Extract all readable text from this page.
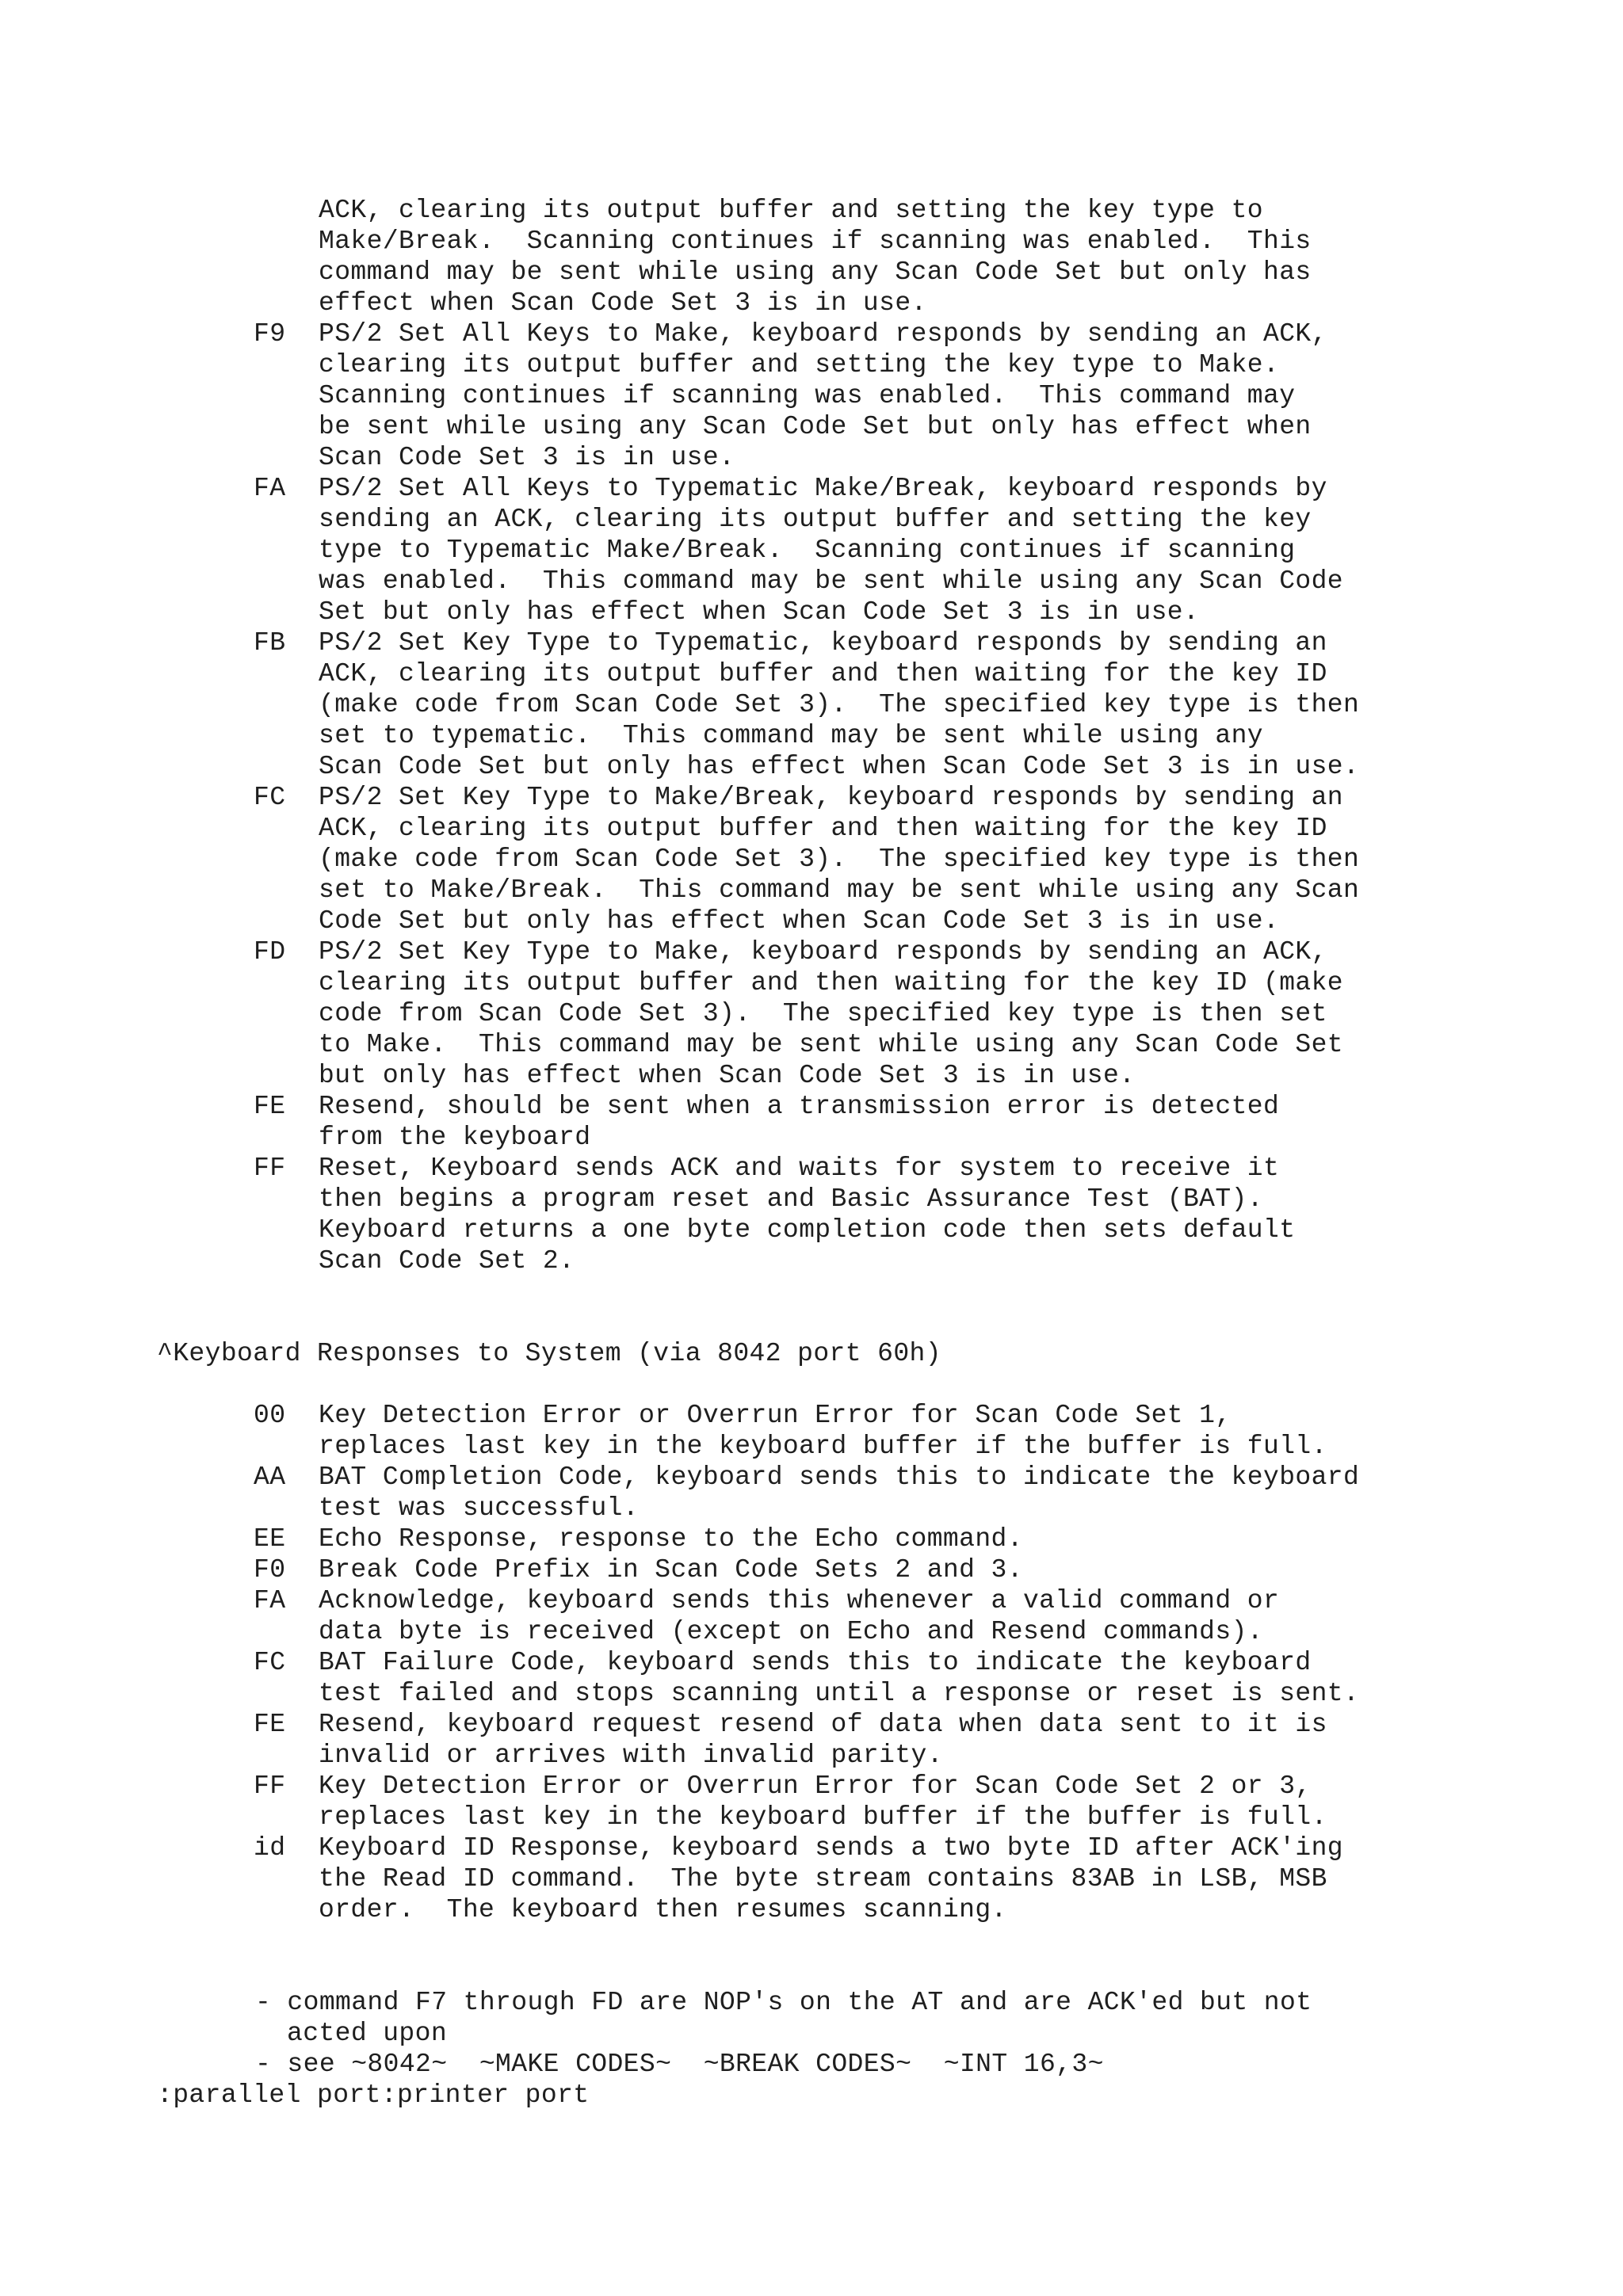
ACK, clearing its output buffer and setting the key type to
Make/Break.  Scanning continues if scanning was enabled.  This
command may be sent while using any Scan Code Set but only has
effect when Scan Code Set 3 is in use.
F9 PS/2 Set All Keys to Make, keyboard responds by sending an ACK,
clearing its output buffer and setting the key type to Make.
Scanning continues if scanning was enabled.  This command may
be sent while using any Scan Code Set but only has effect when
Scan Code Set 3 is in use.
FA PS/2 Set All Keys to Typematic Make/Break, keyboard responds by
sending an ACK, clearing its output buffer and setting the key
type to Typematic Make/Break.  Scanning continues if scanning
was enabled.  This command may be sent while using any Scan Code
Set but only has effect when Scan Code Set 3 is in use.
FB PS/2 Set Key Type to Typematic, keyboard responds by sending an
ACK, clearing its output buffer and then waiting for the key ID
(make code from Scan Code Set 3).  The specified key type is then
set to typematic.  This command may be sent while using any
Scan Code Set but only has effect when Scan Code Set 3 is in use.
FC PS/2 Set Key Type to Make/Break, keyboard responds by sending an
ACK, clearing its output buffer and then waiting for the key ID
(make code from Scan Code Set 3).  The specified key type is then
set to Make/Break.  This command may be sent while using any Scan
Code Set but only has effect when Scan Code Set 3 is in use.
FD PS/2 Set Key Type to Make, keyboard responds by sending an ACK,
clearing its output buffer and then waiting for the key ID (make
code from Scan Code Set 3).  The specified key type is then set
to Make.  This command may be sent while using any Scan Code Set
but only has effect when Scan Code Set 3 is in use.
FE Resend, should be sent when a transmission error is detected
from the keyboard
FF Reset, Keyboard sends ACK and waits for system to receive it
then begins a program reset and Basic Assurance Test (BAT).
Keyboard returns a one byte completion code then sets default
Scan Code Set 2.
^Keyboard Responses to System (via 8042 port 60h)
00 Key Detection Error or Overrun Error for Scan Code Set 1,
replaces last key in the keyboard buffer if the buffer is full.
AA BAT Completion Code, keyboard sends this to indicate the keyboard
test was successful.
EE Echo Response, response to the Echo command.
F0 Break Code Prefix in Scan Code Sets 2 and 3.
FA Acknowledge, keyboard sends this whenever a valid command or
data byte is received (except on Echo and Resend commands).
FC BAT Failure Code, keyboard sends this to indicate the keyboard
test failed and stops scanning until a response or reset is sent.
FE Resend, keyboard request resend of data when data sent to it is
invalid or arrives with invalid parity.
FF Key Detection Error or Overrun Error for Scan Code Set 2 or 3,
replaces last key in the keyboard buffer if the buffer is full.
id Keyboard ID Response, keyboard sends a two byte ID after ACK'ing
the Read ID command.  The byte stream contains 83AB in LSB, MSB
order.  The keyboard then resumes scanning.
- command F7 through FD are NOP's on the AT and are ACK'ed but not
acted upon
- see ~8042~  ~MAKE CODES~  ~BREAK CODES~  ~INT 16,3~
:parallel port:printer port
